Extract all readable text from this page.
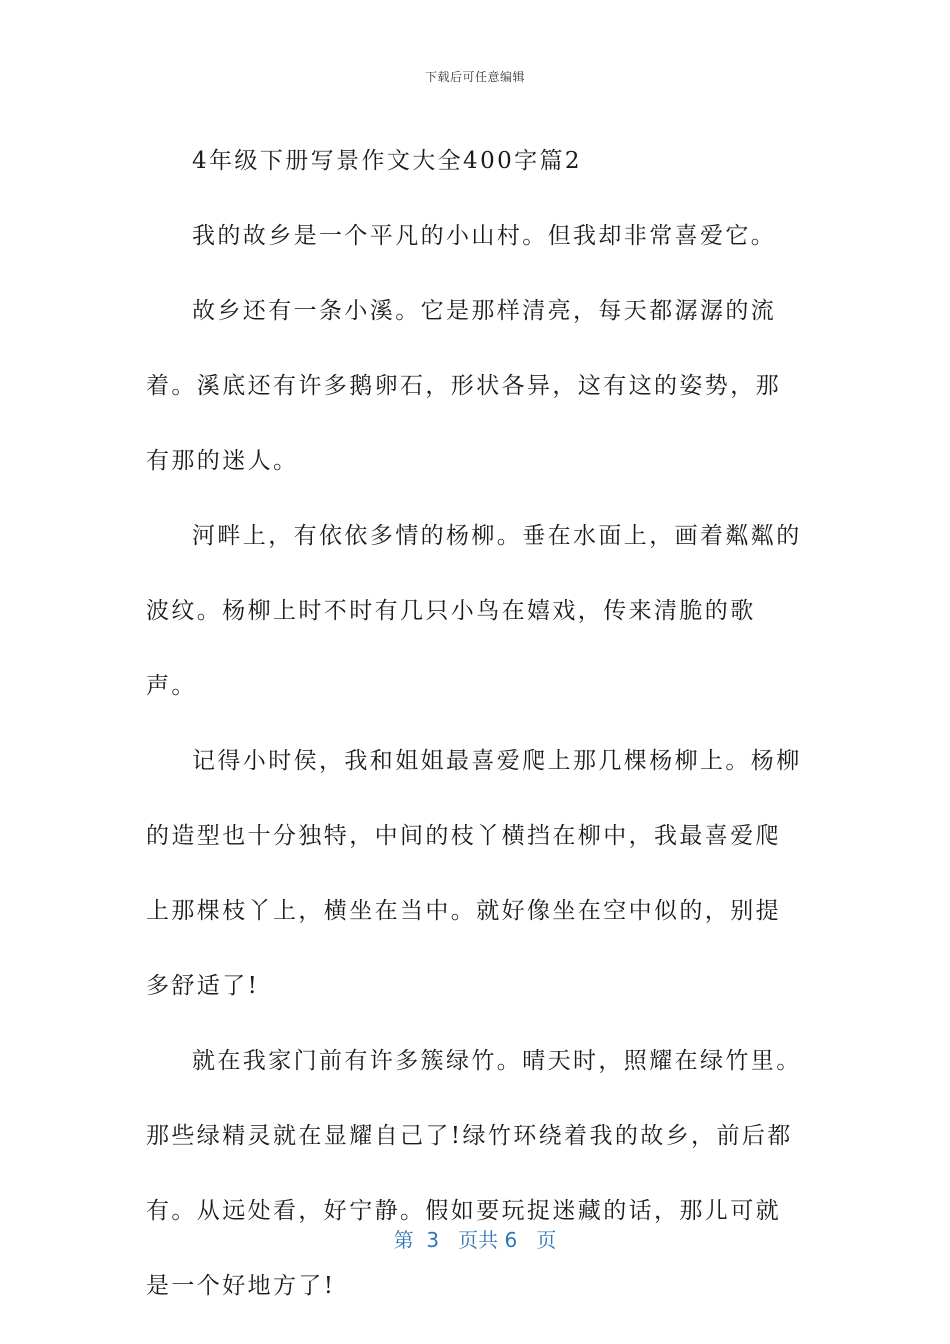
下载后可任意编辑

4年级下册写景作文大全400字篇2

我的故乡是一个平凡的小山村。但我却非常喜爱它。

故乡还有一条小溪。它是那样清亮，每天都潺潺的流着。溪底还有许多鹅卵石，形状各异，这有这的姿势，那有那的迷人。

河畔上，有依依多情的杨柳。垂在水面上，画着粼粼的波纹。杨柳上时不时有几只小鸟在嬉戏，传来清脆的歌声。

记得小时侯，我和姐姐最喜爱爬上那几棵杨柳上。杨柳的造型也十分独特，中间的枝丫横挡在柳中，我最喜爱爬上那棵枝丫上，横坐在当中。就好像坐在空中似的，别提多舒适了!

就在我家门前有许多簇绿竹。晴天时，照耀在绿竹里。那些绿精灵就在显耀自己了!绿竹环绕着我的故乡，前后都有。从远处看，好宁静。假如要玩捉迷藏的话，那儿可就是一个好地方了!

第 3 页共 6 页
